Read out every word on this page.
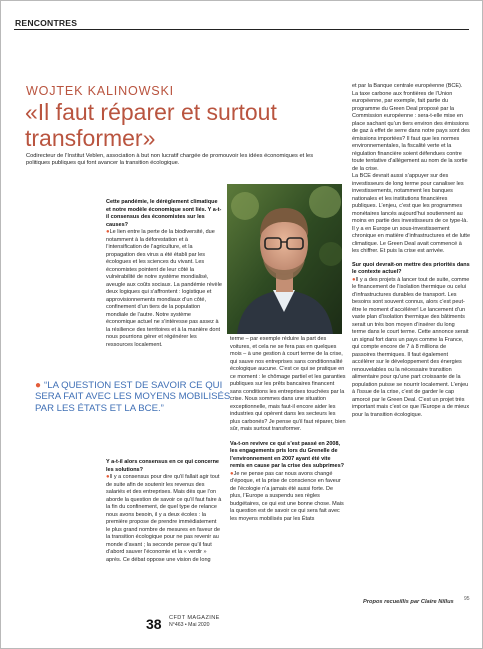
RENCONTRES
WOJTEK KALINOWSKI
«Il faut réparer et surtout transformer»

Codirecteur de l’Institut Veblen, association à but non lucratif chargée de promouvoir les idées économiques et les politiques publiques qui font avancer la transition écologique.

Cette pandémie, le dérèglement climatique et notre modèle économique sont liés. Y a-t-il consensus des économistes sur les causes?

●Le lien entre la perte de la biodiversité, due notamment à la déforestation et à l’intensification de l’agriculture, et la propagation des virus a été établi par les écologues et les sciences du vivant. Les économistes pointent de leur côté la vulnérabilité de notre système mondialisé, aveugle aux coûts sociaux. La pandémie révèle deux logiques qui s’affrontent : logistique et approvisionnements mondiaux d’un côté, confinement d’un tiers de la population mondiale de l’autre. Notre système économique actuel ne s’intéresse pas assez à la résilience des territoires et à la manière dont nous pourrions gérer et régénérer les ressources localement.

● “LA QUESTION EST DE SAVOIR CE QUI SERA FAIT AVEC LES MOYENS MOBILISÉS PAR LES ÉTATS ET LA BCE.”

Y a-t-il alors consensus en ce qui concerne les solutions?

●Il y a consensus pour dire qu’il fallait agir tout de suite afin de soutenir les revenus des salariés et des entreprises. Mais dès que l’on aborde la question de savoir ce qu’il faut faire à la fin du confinement, de quel type de relance nous avons besoin, il y a deux écoles : la première propose de prendre immédiatement le plus grand nombre de mesures en faveur de la transition écologique pour ne pas revenir au monde d’avant ; la seconde pense qu’il faut d’abord sauver l’économie et la « verdir » après. Ce débat oppose une vision de long

terme – par exemple réduire la part des voitures, et cela ne se fera pas en quelques mois – à une gestion à court terme de la crise, qui sauve nos entreprises sans conditionnalité écologique aucune. C’est ce qui se pratique en ce moment : le chômage partiel et les garanties publiques sur les prêts bancaires financent sans conditions les entreprises touchées par la crise. Nous sommes dans une situation exceptionnelle, mais faut-il encore aider les industries qui opèrent dans les secteurs les plus carbonés? Je pense qu’il faut réparer, bien sûr, mais surtout transformer.

Va-t-on revivre ce qui s’est passé en 2008, les engagements pris lors du Grenelle de l’environnement en 2007 ayant été vite remis en cause par la crise des subprimes?

●Je ne pense pas car nous avons changé d’époque, et la prise de conscience en faveur de l’écologie n’a jamais été aussi forte. De plus, l’Europe a suspendu ses règles budgétaires, ce qui est une bonne chose. Mais la question est de savoir ce qui sera fait avec les moyens mobilisés par les États

et par la Banque centrale européenne (BCE). La taxe carbone aux frontières de l’Union européenne, par exemple, fait partie du programme du Green Deal proposé par la Commission européenne : sera-t-elle mise en place sachant qu’un tiers environ des émissions de gaz à effet de serre dans notre pays sont des émissions importées? Il faut que les normes environnementales, la fiscalité verte et la régulation financière soient défendues contre toute tentative d’allègement au nom de la sortie de la crise.

La BCE devrait aussi s’appuyer sur des investisseurs de long terme pour canaliser les investissements, notamment les banques nationales et les institutions financières publiques. L’enjeu, c’est que les programmes monétaires lancés aujourd’hui soutiennent au moins en partie des investisseurs de ce type-là. Il y a en Europe un sous-investissement chronique en matière d’infrastructures et de lutte climatique. Le Green Deal avait commencé à les chiffrer. Et puis la crise est arrivée.

Sur quoi devrait-on mettre des priorités dans le contexte actuel?

●Il y a des projets à lancer tout de suite, comme le financement de l’isolation thermique ou celui d’infrastructures durables de transport. Les besoins sont souvent connus, alors c’est peut-être le moment d’accélérer! Le lancement d’un vaste plan d’isolation thermique des bâtiments serait un très bon moyen d’insérer du long terme dans le court terme. Cette annonce serait un signal fort dans un pays comme la France, qui compte encore de 7 à 8 millions de passoires thermiques. Il faut également accélérer sur le développement des énergies renouvelables ou la nécessaire transition alimentaire pour qu’une part croissante de la population puisse se nourrir localement. L’enjeu à l’issue de la crise, c’est de garder le cap amorcé par le Green Deal. C’est un projet très important mais c’est ce que l’Europe a de mieux pour la transition écologique.

Propos recueillis par Claire Nillus 95
38 CFDT MAGAZINE
N°463 • Mai 2020
